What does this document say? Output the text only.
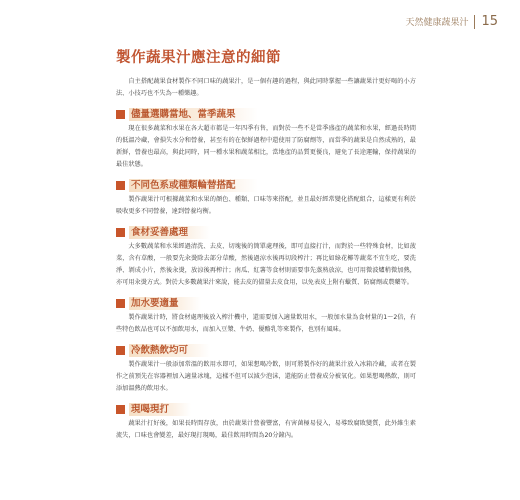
天然健康蔬果汁 15
製作蔬果汁應注意的細節

自主搭配蔬果食材製作不同口味的蔬果汁，是一個有趣的過程，與此同時掌握一些讓蔬果汁更好喝的小方法、小技巧也不失為一種樂趣。

儘量選購當地、當季蔬果

現在很多蔬菜和水果在各大超市都是一年四季有售，而對於一些不是當季盛產的蔬菜和水果，經過長時間的低溫冷藏，會損失水分和營養，甚至有的在保鮮過程中還使用了防腐劑等，而當季的蔬果是自然成熟的，最新鮮，營養也最高，與此同時，同一種水果和蔬菜相比，當地產的品質更優良，避免了長途運輸，保持蔬果的最佳狀態。

不同色系或種類輪替搭配

製作蔬果汁可根據蔬菜和水果的顏色、種類、口味等來搭配，並且最好經常變化搭配組合，這樣更有利於吸收更多不同營養，達到營養均衡。

食材妥善處理

大多數蔬菜和水果經過清洗、去皮、切塊後的簡單處理後，即可直接打汁，而對於一些特殊食材，比如菠菜，含有草酸，一般要先汆燙除去部分草酸，然後過涼水後再切段榨汁；再比如綠花椰等蔬菜不宜生吃，要洗淨、剝成小片，然後汆燙，放涼後再榨汁；南瓜、紅薯等食材則需要事先蒸熟放涼，也可用微波爐稍微加熱，亦可用汆燙方式。對於大多數蔬果汁來說，能去皮的儘量去皮食用，以免表皮上附有蠟質、防腐劑或農藥等。

加水要適量

製作蔬果汁時，將食材處理後放入榨汁機中，還需要加入適量飲用水，一般加水量為食材量的1～2倍，有些特色飲品也可以不加飲用水，而加入豆漿、牛奶、優酪乳等來製作，也別有風味。

冷飲熱飲均可

製作蔬果汁一般添加常溫的飲用水即可，如果想喝冷飲，則可將製作好的蔬果汁放入冰箱冷藏，或者在製作之前預先在容器裡加入適量冰塊，這樣不但可以減少泡沫，還能防止營養成分被氧化。如果想喝熱飲，則可添加溫熱的飲用水。

現喝現打

蔬果汁打好後，如果長時間存放，由於蔬果汁營養豐富，有害菌極易侵入，易導致腐敗變質，此外維生素流失，口味也會變差，最好現打現喝，最佳飲用時間為20分鐘內。
